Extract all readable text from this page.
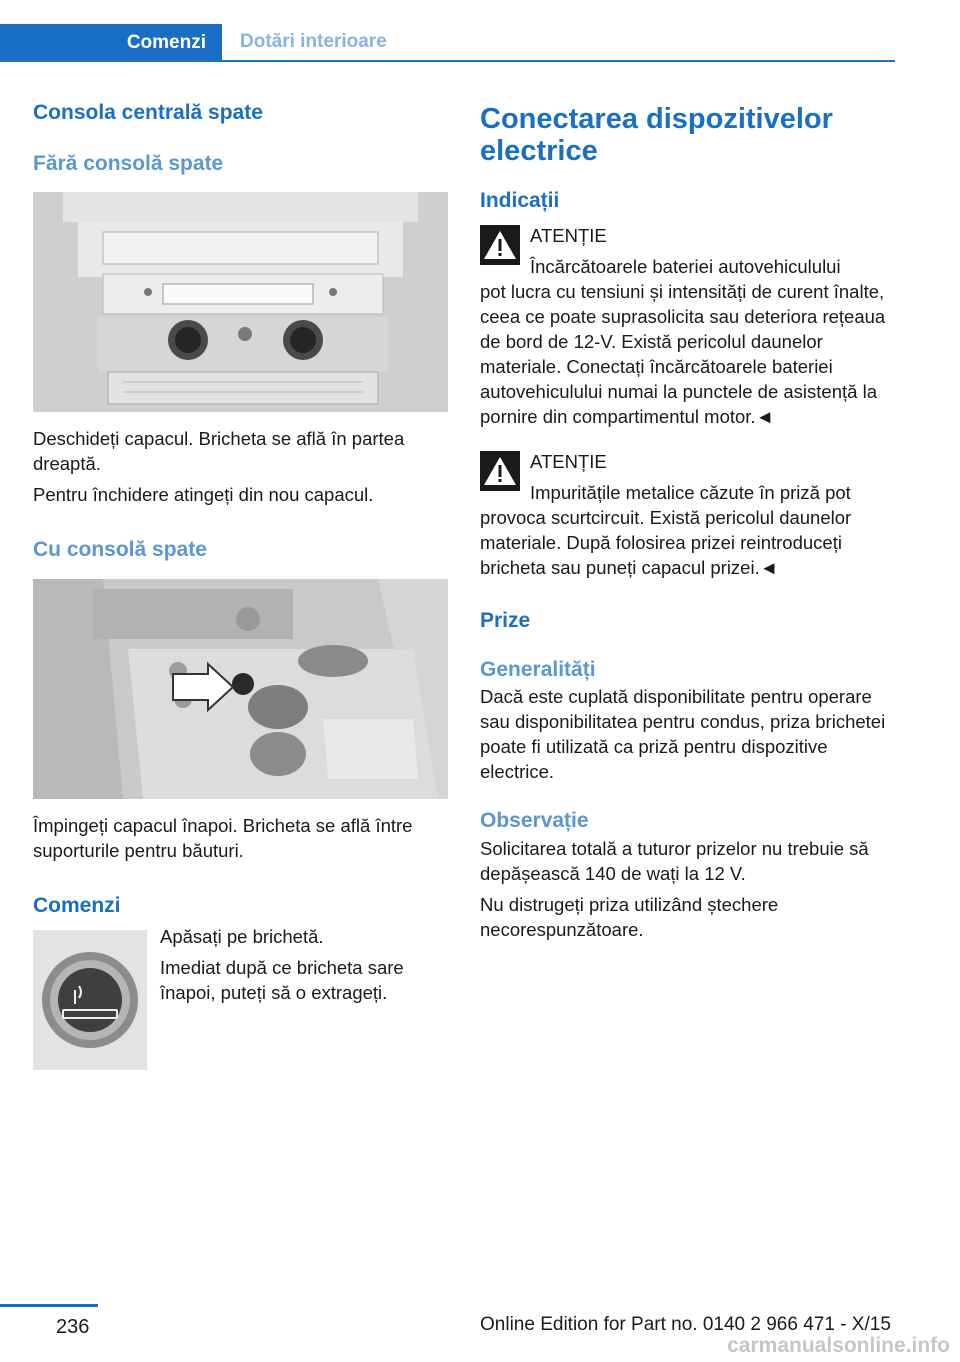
Comenzi	Dotări interioare
Consola centrală spate
Fără consolă spate

Deschideți capacul. Bricheta se află în partea dreaptă.

Pentru închidere atingeți din nou capacul.

Cu consolă spate

Împingeți capacul înapoi. Bricheta se află între suporturile pentru băuturi.

Comenzi

Apăsați pe brichetă.

Imediat după ce bricheta sare înapoi, puteți să o extrageți.

Conectarea dispozitivelor electrice
Indicații
ATENȚIE
Încărcătoarele bateriei autovehiculului

pot lucra cu tensiuni și intensități de curent înalte, ceea ce poate suprasolicita sau deteriora rețeaua de bord de 12-V. Există pericolul daunelor materiale. Conectați încărcătoarele bateriei autovehiculului numai la punctele de asistență la pornire din compartimentul motor.◄

ATENȚIE
Impuritățile metalice căzute în priză pot

provoca scurtcircuit. Există pericolul daunelor materiale. După folosirea prizei reintroduceți bricheta sau puneți capacul prizei.◄

Prize
Generalități

Dacă este cuplată disponibilitate pentru operare sau disponibilitatea pentru condus, priza brichetei poate fi utilizată ca priză pentru dispozitive electrice.

Observație

Solicitarea totală a tuturor prizelor nu trebuie să depășească 140 de wați la 12 V.

Nu distrugeți priza utilizând ștechere necorespunzătoare.

236	Online Edition for Part no. 0140 2 966 471 - X/15
carmanualsonline.info
